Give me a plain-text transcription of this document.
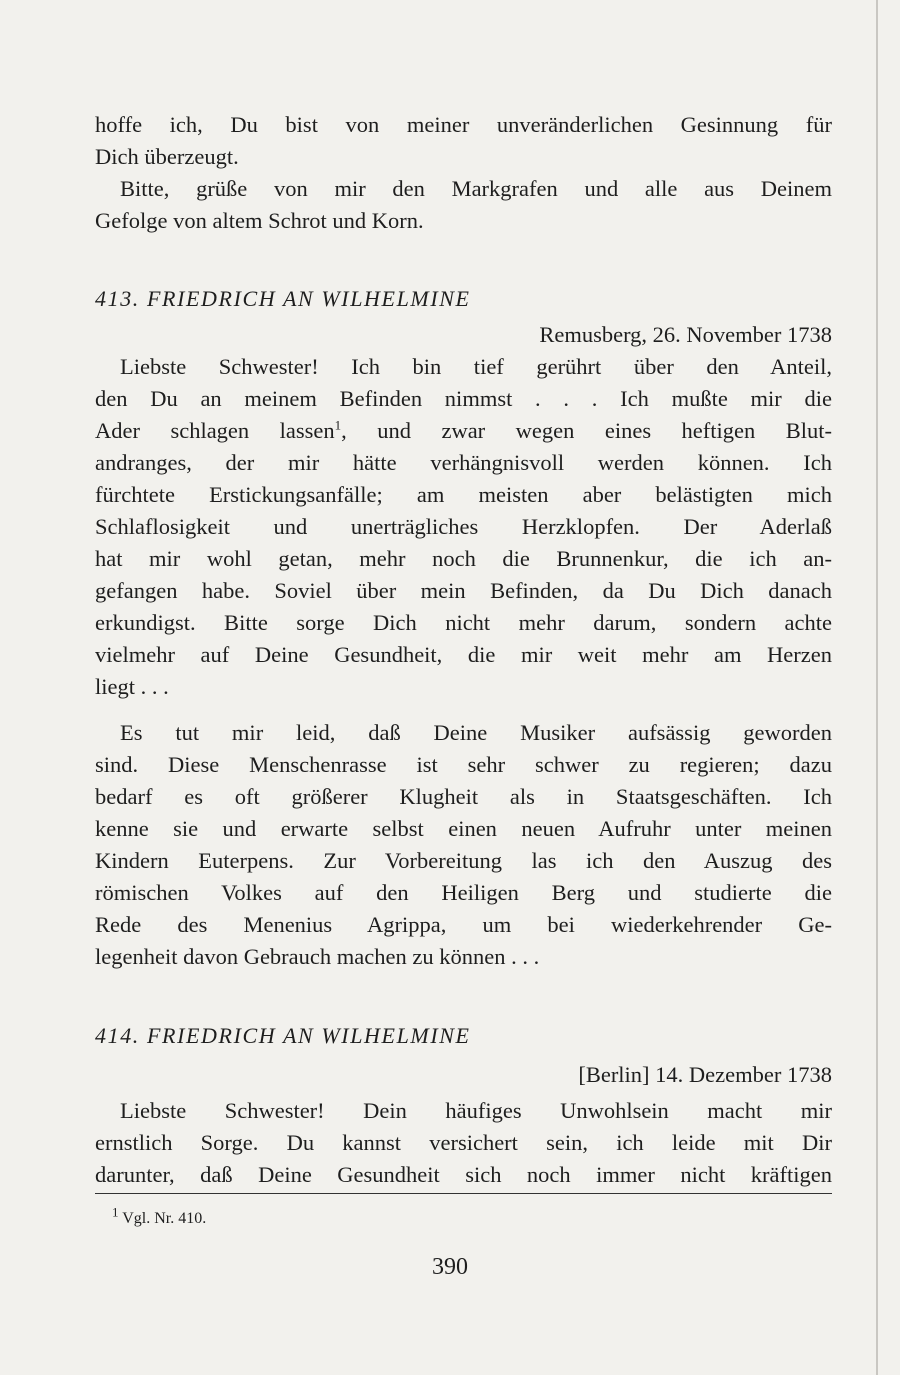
hoffe ich, Du bist von meiner unveränderlichen Gesinnung für
Dich überzeugt.
Bitte, grüße von mir den Markgrafen und alle aus Deinem
Gefolge von altem Schrot und Korn.
413. FRIEDRICH AN WILHELMINE
Remusberg, 26. November 1738
Liebste Schwester! Ich bin tief gerührt über den Anteil,
den Du an meinem Befinden nimmst . . . Ich mußte mir die
Ader schlagen lassen$^1$, und zwar wegen eines heftigen Blut-
andranges, der mir hätte verhängnisvoll werden können. Ich
fürchtete Erstickungsanfälle; am meisten aber belästigten mich
Schlaflosigkeit und unerträgliches Herzklopfen. Der Aderlaß
hat mir wohl getan, mehr noch die Brunnenkur, die ich an-
gefangen habe. Soviel über mein Befinden, da Du Dich danach
erkundigst. Bitte sorge Dich nicht mehr darum, sondern achte
vielmehr auf Deine Gesundheit, die mir weit mehr am Herzen
liegt . . .
Es tut mir leid, daß Deine Musiker aufsässig geworden
sind. Diese Menschenrasse ist sehr schwer zu regieren; dazu
bedarf es oft größerer Klugheit als in Staatsgeschäften. Ich
kenne sie und erwarte selbst einen neuen Aufruhr unter meinen
Kindern Euterpens. Zur Vorbereitung las ich den Auszug des
römischen Volkes auf den Heiligen Berg und studierte die
Rede des Menenius Agrippa, um bei wiederkehrender Ge-
legenheit davon Gebrauch machen zu können . . .
414. FRIEDRICH AN WILHELMINE
[Berlin] 14. Dezember 1738
Liebste Schwester! Dein häufiges Unwohlsein macht mir
ernstlich Sorge. Du kannst versichert sein, ich leide mit Dir
darunter, daß Deine Gesundheit sich noch immer nicht kräftigen
$^1$ Vgl. Nr. 410.
390
